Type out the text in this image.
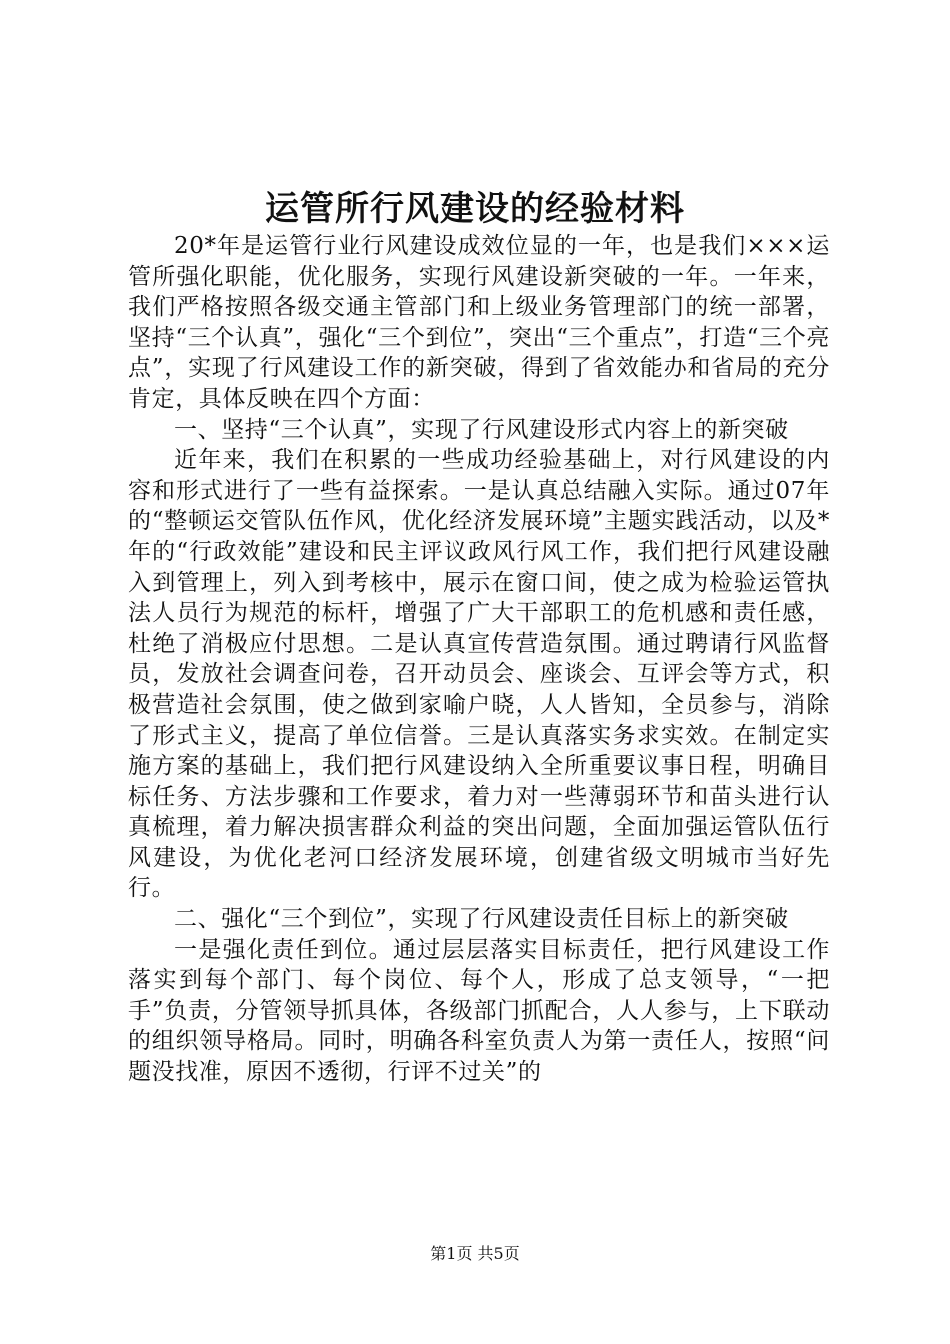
运管所行风建设的经验材料

20*年是运管行业行风建设成效位显的一年，也是我们×××运管所强化职能，优化服务，实现行风建设新突破的一年。一年来，我们严格按照各级交通主管部门和上级业务管理部门的统一部署，坚持“三个认真”，强化“三个到位”，突出“三个重点”，打造“三个亮点”，实现了行风建设工作的新突破，得到了省效能办和省局的充分肯定，具体反映在四个方面：

一、坚持“三个认真”，实现了行风建设形式内容上的新突破

近年来，我们在积累的一些成功经验基础上，对行风建设的内容和形式进行了一些有益探索。一是认真总结融入实际。通过07年的“整顿运交管队伍作风，优化经济发展环境”主题实践活动，以及*年的“行政效能”建设和民主评议政风行风工作，我们把行风建设融入到管理上，列入到考核中，展示在窗口间，使之成为检验运管执法人员行为规范的标杆，增强了广大干部职工的危机感和责任感，杜绝了消极应付思想。二是认真宣传营造氛围。通过聘请行风监督员，发放社会调查问卷，召开动员会、座谈会、互评会等方式，积极营造社会氛围，使之做到家喻户晓，人人皆知，全员参与，消除了形式主义，提高了单位信誉。三是认真落实务求实效。在制定实施方案的基础上，我们把行风建设纳入全所重要议事日程，明确目标任务、方法步骤和工作要求，着力对一些薄弱环节和苗头进行认真梳理，着力解决损害群众利益的突出问题，全面加强运管队伍行风建设，为优化老河口经济发展环境，创建省级文明城市当好先行。

二、强化“三个到位”，实现了行风建设责任目标上的新突破

一是强化责任到位。通过层层落实目标责任，把行风建设工作落实到每个部门、每个岗位、每个人，形成了总支领导，“一把手”负责，分管领导抓具体，各级部门抓配合，人人参与，上下联动的组织领导格局。同时，明确各科室负责人为第一责任人，按照“问题没找准，原因不透彻，行评不过关”的

第1页 共5页
